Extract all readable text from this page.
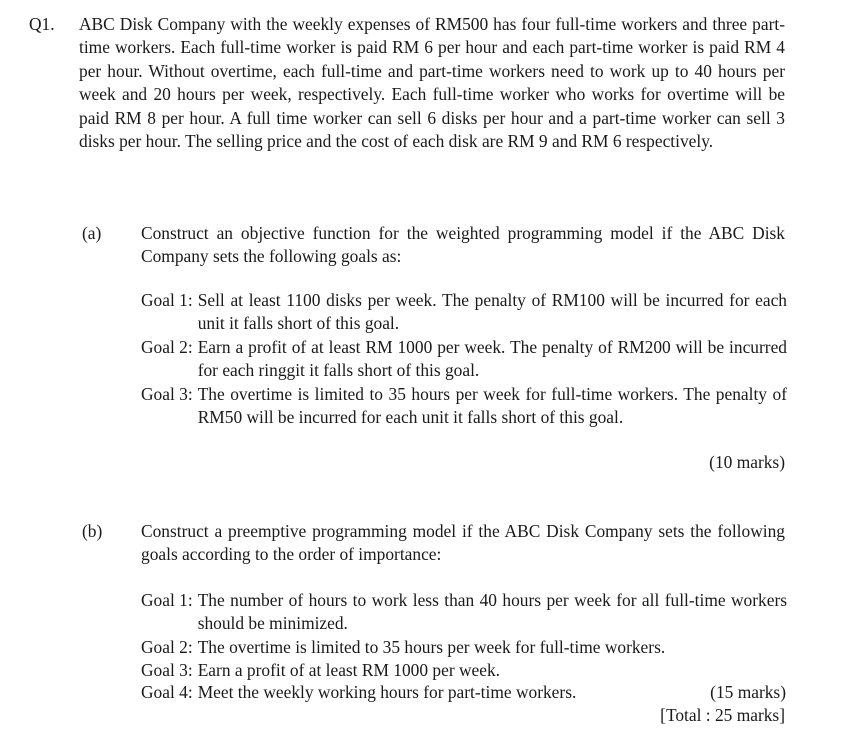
Q1. ABC Disk Company with the weekly expenses of RM500 has four full-time workers and three part-time workers. Each full-time worker is paid RM 6 per hour and each part-time worker is paid RM 4 per hour. Without overtime, each full-time and part-time workers need to work up to 40 hours per week and 20 hours per week, respectively. Each full-time worker who works for overtime will be paid RM 8 per hour. A full time worker can sell 6 disks per hour and a part-time worker can sell 3 disks per hour. The selling price and the cost of each disk are RM 9 and RM 6 respectively.
(a) Construct an objective function for the weighted programming model if the ABC Disk Company sets the following goals as:
Goal 1: Sell at least 1100 disks per week. The penalty of RM100 will be incurred for each unit it falls short of this goal.
Goal 2: Earn a profit of at least RM 1000 per week. The penalty of RM200 will be incurred for each ringgit it falls short of this goal.
Goal 3: The overtime is limited to 35 hours per week for full-time workers. The penalty of RM50 will be incurred for each unit it falls short of this goal.
(10 marks)
(b) Construct a preemptive programming model if the ABC Disk Company sets the following goals according to the order of importance:
Goal 1: The number of hours to work less than 40 hours per week for all full-time workers should be minimized.
Goal 2: The overtime is limited to 35 hours per week for full-time workers.
Goal 3: Earn a profit of at least RM 1000 per week.
Goal 4: Meet the weekly working hours for part-time workers.	(15 marks)
[Total : 25 marks]
